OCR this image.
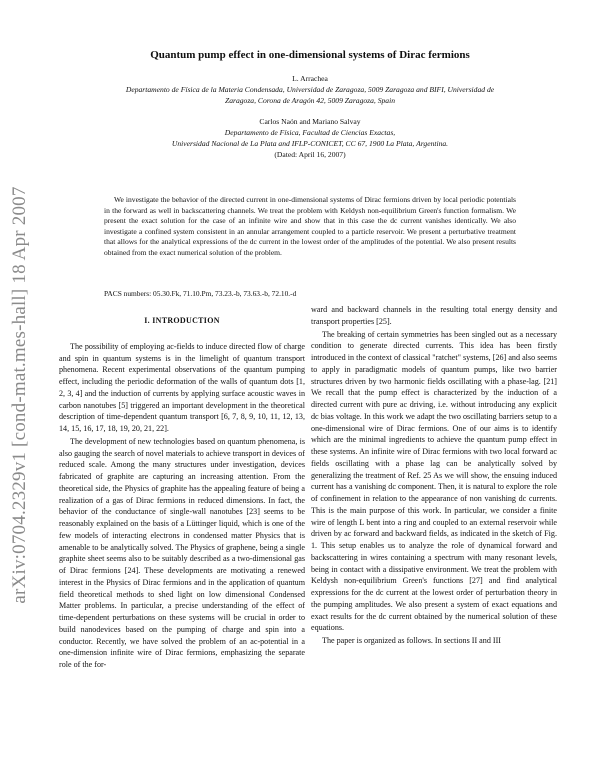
arXiv:0704.2329v1 [cond-mat.mes-hall] 18 Apr 2007
Quantum pump effect in one-dimensional systems of Dirac fermions
L. Arrachea
Departamento de Física de la Materia Condensada, Universidad de Zaragoza, 5009 Zaragoza and BIFI, Universidad de Zaragoza, Corona de Aragón 42, 5009 Zaragoza, Spain
Carlos Naón and Mariano Salvay
Departamento de Física, Facultad de Ciencias Exactas,
Universidad Nacional de La Plata and IFLP-CONICET, CC 67, 1900 La Plata, Argentina.
(Dated: April 16, 2007)

We investigate the behavior of the directed current in one-dimensional systems of Dirac fermions driven by local periodic potentials in the forward as well in backscattering channels. We treat the problem with Keldysh non-equilibrium Green's function formalism. We present the exact solution for the case of an infinite wire and show that in this case the dc current vanishes identically. We also investigate a confined system consistent in an annular arrangement coupled to a particle reservoir. We present a perturbative treatment that allows for the analytical expressions of the dc current in the lowest order of the amplitudes of the potential. We also present results obtained from the exact numerical solution of the problem.

PACS numbers: 05.30.Fk, 71.10.Pm, 73.23.-b, 73.63.-b, 72.10.-d
I. INTRODUCTION

The possibility of employing ac-fields to induce directed flow of charge and spin in quantum systems is in the limelight of quantum transport phenomena. Recent experimental observations of the quantum pumping effect, including the periodic deformation of the walls of quantum dots [1, 2, 3, 4] and the induction of currents by applying surface acoustic waves in carbon nanotubes [5] triggered an important development in the theoretical description of time-dependent quantum transport [6, 7, 8, 9, 10, 11, 12, 13, 14, 15, 16, 17, 18, 19, 20, 21, 22].

The development of new technologies based on quantum phenomena, is also gauging the search of novel materials to achieve transport in devices of reduced scale. Among the many structures under investigation, devices fabricated of graphite are capturing an increasing attention. From the theoretical side, the Physics of graphite has the appealing feature of being a realization of a gas of Dirac fermions in reduced dimensions. In fact, the behavior of the conductance of single-wall nanotubes [23] seems to be reasonably explained on the basis of a Lüttinger liquid, which is one of the few models of interacting electrons in condensed matter Physics that is amenable to be analytically solved. The Physics of graphene, being a single graphite sheet seems also to be suitably described as a two-dimensional gas of Dirac fermions [24]. These developments are motivating a renewed interest in the Physics of Dirac fermions and in the application of quantum field theoretical methods to shed light on low dimensional Condensed Matter problems. In particular, a precise understanding of the effect of time-dependent perturbations on these systems will be crucial in order to build nanodevices based on the pumping of charge and spin into a conductor. Recently, we have solved the problem of an ac-potential in a one-dimension infinite wire of Dirac fermions, emphasizing the separate role of the for-

ward and backward channels in the resulting total energy density and transport properties [25].

The breaking of certain symmetries has been singled out as a necessary condition to generate directed currents. This idea has been firstly introduced in the context of classical "ratchet" systems, [26] and also seems to apply in paradigmatic models of quantum pumps, like two barrier structures driven by two harmonic fields oscillating with a phase-lag. [21] We recall that the pump effect is characterized by the induction of a directed current with pure ac driving, i.e. without introducing any explicit dc bias voltage. In this work we adapt the two oscillating barriers setup to a one-dimensional wire of Dirac fermions. One of our aims is to identify which are the minimal ingredients to achieve the quantum pump effect in these systems. An infinite wire of Dirac fermions with two local forward ac fields oscillating with a phase lag can be analytically solved by generalizing the treatment of Ref. 25 As we will show, the ensuing induced current has a vanishing dc component. Then, it is natural to explore the role of confinement in relation to the appearance of non vanishing dc currents. This is the main purpose of this work. In particular, we consider a finite wire of length L bent into a ring and coupled to an external reservoir while driven by ac forward and backward fields, as indicated in the sketch of Fig. 1. This setup enables us to analyze the role of dynamical forward and backscattering in wires containing a spectrum with many resonant levels, being in contact with a dissipative environment. We treat the problem with Keldysh non-equilibrium Green's functions [27] and find analytical expressions for the dc current at the lowest order of perturbation theory in the pumping amplitudes. We also present a system of exact equations and exact results for the dc current obtained by the numerical solution of these equations.

The paper is organized as follows. In sections II and III
